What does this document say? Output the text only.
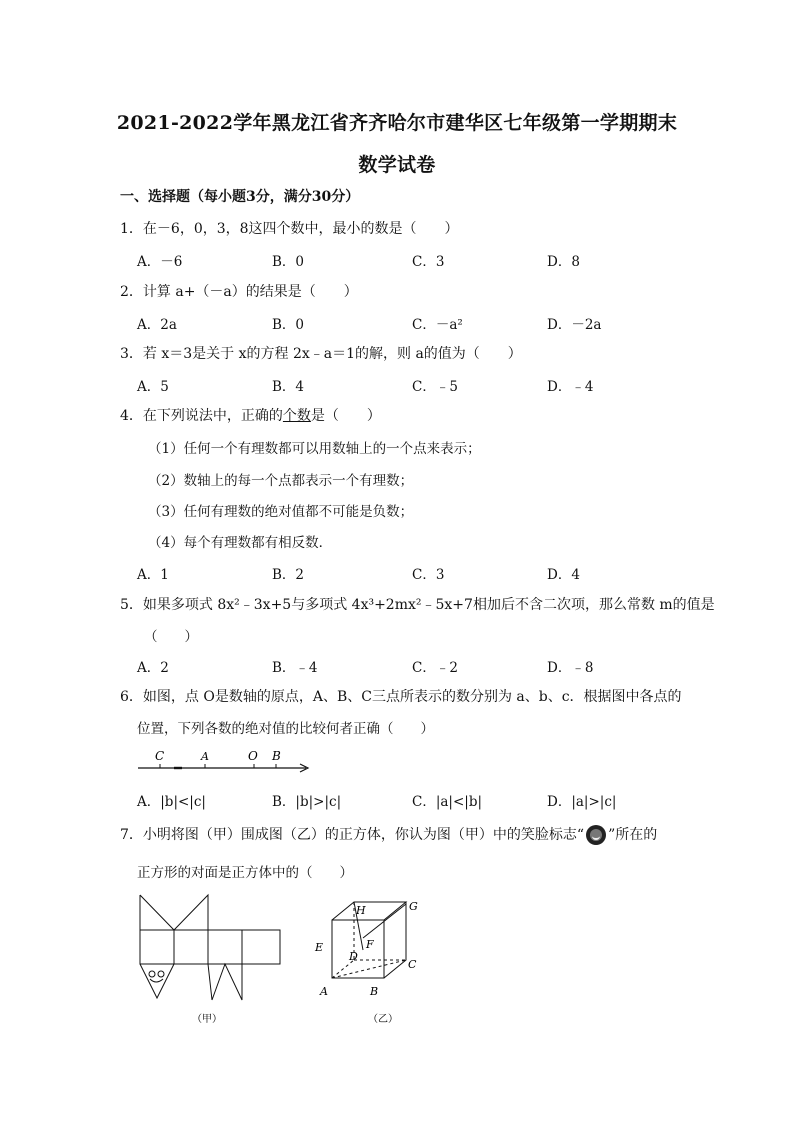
2021-2022学年黑龙江省齐齐哈尔市建华区七年级第一学期期末
数学试卷
一、选择题（每小题3分，满分30分）
1．在－6，0，3，8这四个数中，最小的数是（　　）
A．－6	B．0	C．3	D．8
2．计算 a+（－a）的结果是（　　）
A．2a	B．0	C．－a²	D．－2a
3．若 x＝3是关于 x的方程 2x﹣a＝1的解，则 a的值为（　　）
A．5	B．4	C．﹣5	D．﹣4
4．在下列说法中，正确的个数是（　　）
（1）任何一个有理数都可以用数轴上的一个点来表示；
（2）数轴上的每一个点都表示一个有理数；
（3）任何有理数的绝对值都不可能是负数；
（4）每个有理数都有相反数．
A．1	B．2	C．3	D．4
5．如果多项式 8x²﹣3x+5与多项式 4x³+2mx²﹣5x+7相加后不含二次项，那么常数 m的值是
（　　）
A．2	B．﹣4	C．﹣2	D．﹣8
6．如图，点 O是数轴的原点，A、B、C三点所表示的数分别为 a、b、c．根据图中各点的
位置，下列各数的绝对值的比较何者正确（　　）
C	A	O B
A．|b|<|c|	B．|b|>|c|	C．|a|<|b|	D．|a|>|c|
7．小明将图（甲）围成图（乙）的正方体，你认为图（甲）中的笑脸标志“ ”所在的
正方形的对面是正方体中的（　　）
（甲）
H	G
E
D
F
C
A	B
（乙）
